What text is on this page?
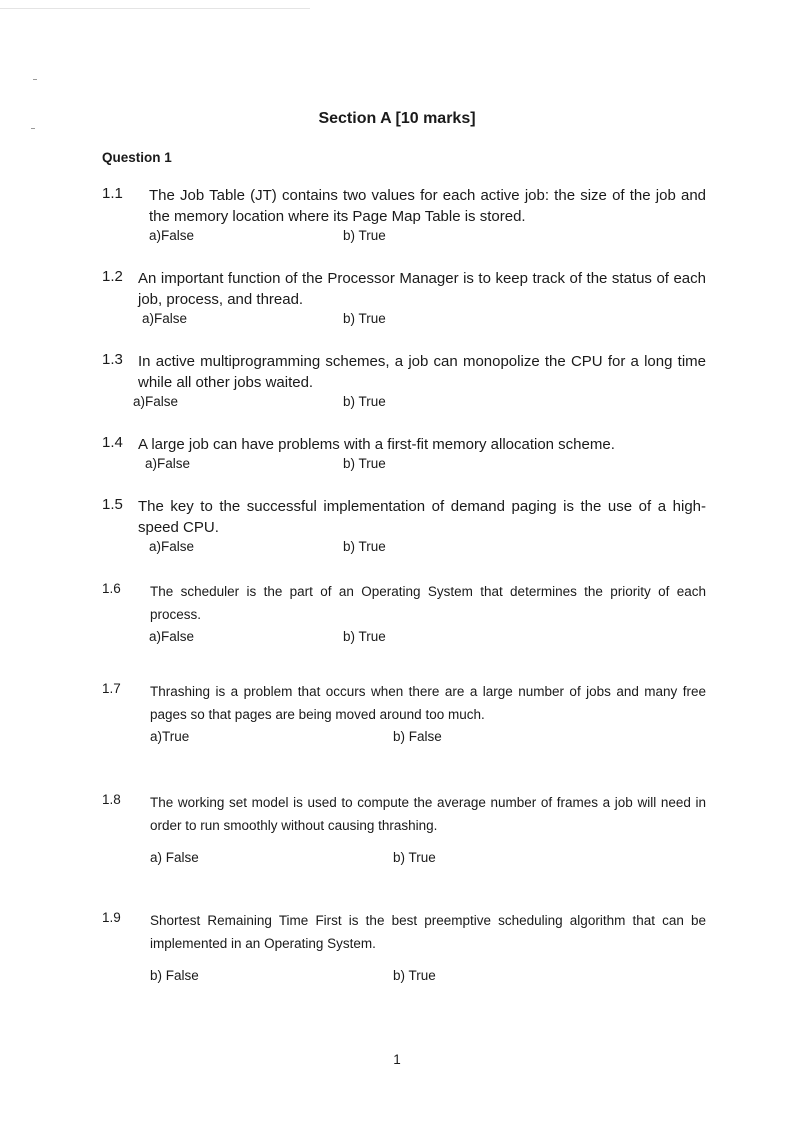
Section A [10 marks]
Question 1
1.1 The Job Table (JT) contains two values for each active job: the size of the job and the memory location where its Page Map Table is stored.

a)False	b) True
1.2 An important function of the Processor Manager is to keep track of the status of each job, process, and thread.

a)False	b) True
1.3 In active multiprogramming schemes, a job can monopolize the CPU for a long time while all other jobs waited.

a)False	b) True
1.4 A large job can have problems with a first-fit memory allocation scheme.

a)False	b) True
1.5 The key to the successful implementation of demand paging is the use of a high-speed CPU.

a)False	b) True
1.6 The scheduler is the part of an Operating System that determines the priority of each process.

a)False	b) True
1.7 Thrashing is a problem that occurs when there are a large number of jobs and many free pages so that pages are being moved around too much.

a)True	b) False
1.8 The working set model is used to compute the average number of frames a job will need in order to run smoothly without causing thrashing.

a) False	b) True
1.9 Shortest Remaining Time First is the best preemptive scheduling algorithm that can be implemented in an Operating System.

b) False	b) True
1
